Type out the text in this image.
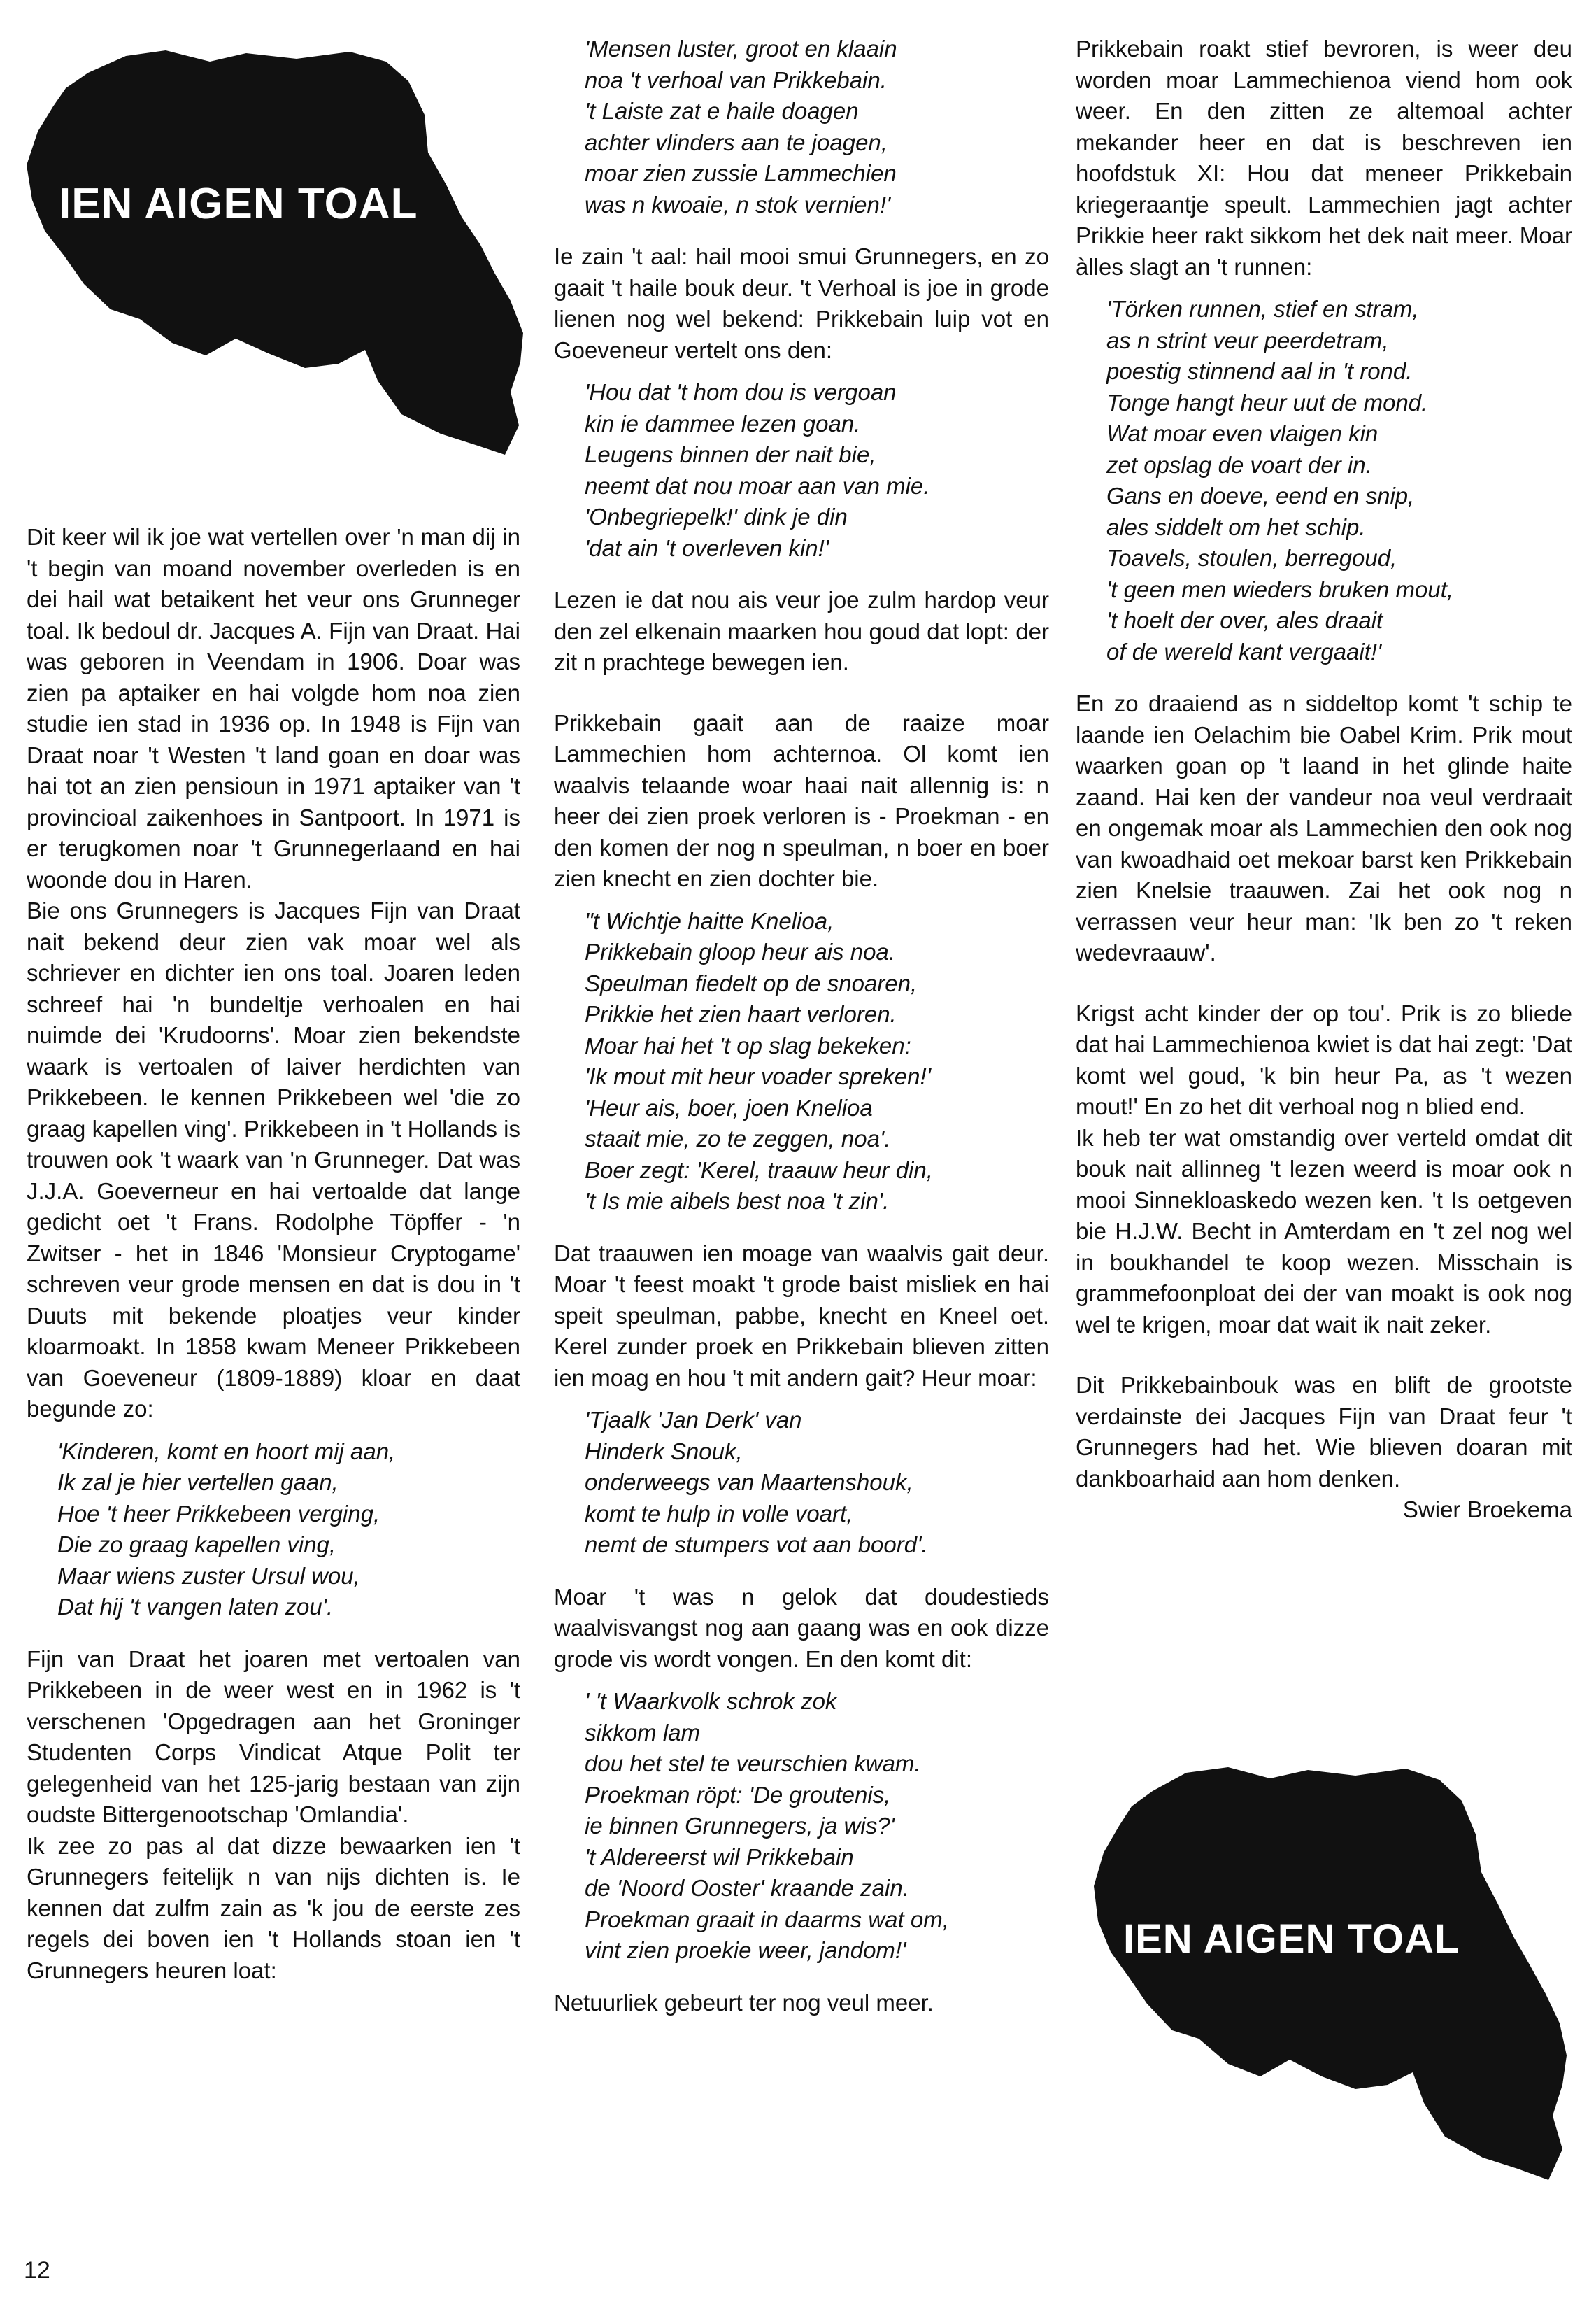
IEN AIGEN TOAL
IEN AIGEN TOAL

Dit keer wil ik joe wat vertellen over 'n man dij in 't begin van moand november overleden is en dei hail wat betaikent het veur ons Grunneger toal. Ik bedoul dr. Jacques A. Fijn van Draat. Hai was geboren in Veendam in 1906. Doar was zien pa aptaiker en hai volgde hom noa zien studie ien stad in 1936 op. In 1948 is Fijn van Draat noar 't Westen 't land goan en doar was hai tot an zien pensioun in 1971 aptaiker van 't provincioal zaikenhoes in Santpoort. In 1971 is er terugkomen noar 't Grunnegerlaand en hai woonde dou in Haren.

Bie ons Grunnegers is Jacques Fijn van Draat nait bekend deur zien vak moar wel als schriever en dichter ien ons toal. Joaren leden schreef hai 'n bundeltje verhoalen en hai nuimde dei 'Krudoorns'. Moar zien bekendste waark is vertoalen of laiver herdichten van Prikkebeen. Ie kennen Prikkebeen wel 'die zo graag kapellen ving'. Prikkebeen in 't Hollands is trouwen ook 't waark van 'n Grunneger. Dat was J.J.A. Goeverneur en hai vertoalde dat lange gedicht oet 't Frans. Rodolphe Töpffer - 'n Zwitser - het in 1846 'Monsieur Cryptogame' schreven veur grode mensen en dat is dou in 't Duuts mit bekende ploatjes veur kinder kloarmoakt. In 1858 kwam Meneer Prikkebeen van Goeveneur (1809-1889) kloar en daat begunde zo:

'Kinderen, komt en hoort mij aan,
Ik zal je hier vertellen gaan,
Hoe 't heer Prikkebeen verging,
Die zo graag kapellen ving,
Maar wiens zuster Ursul wou,
Dat hij 't vangen laten zou'.

Fijn van Draat het joaren met vertoalen van Prikkebeen in de weer west en in 1962 is 't verschenen 'Opgedragen aan het Groninger Studenten Corps Vindicat Atque Polit ter gelegenheid van het 125-jarig bestaan van zijn oudste Bittergenootschap 'Omlandia'.

Ik zee zo pas al dat dizze bewaarken ien 't Grunnegers feitelijk n van nijs dichten is. Ie kennen dat zulfm zain as 'k jou de eerste zes regels dei boven ien 't Hollands stoan ien 't Grunnegers heuren loat:

'Mensen luster, groot en klaain
noa 't verhoal van Prikkebain.
't Laiste zat e haile doagen
achter vlinders aan te joagen,
moar zien zussie Lammechien
was n kwoaie, n stok vernien!'

Ie zain 't aal: hail mooi smui Grunnegers, en zo gaait 't haile bouk deur. 't Verhoal is joe in grode lienen nog wel bekend: Prikkebain luip vot en Goeveneur vertelt ons den:

'Hou dat 't hom dou is vergoan
kin ie dammee lezen goan.
Leugens binnen der nait bie,
neemt dat nou moar aan van mie.
'Onbegriepelk!' dink je din
'dat ain 't overleven kin!'

Lezen ie dat nou ais veur joe zulm hardop veur den zel elkenain maarken hou goud dat lopt: der zit n prachtege bewegen ien.

Prikkebain gaait aan de raaize moar Lammechien hom achternoa. Ol komt ien waalvis telaande woar haai nait allennig is: n heer dei zien proek verloren is - Proekman - en den komen der nog n speulman, n boer en boer zien knecht en zien dochter bie.

"t Wichtje haitte Knelioa,
Prikkebain gloop heur ais noa.
Speulman fiedelt op de snoaren,
Prikkie het zien haart verloren.
Moar hai het 't op slag bekeken:
'Ik mout mit heur voader spreken!'
'Heur ais, boer, joen Knelioa
staait mie, zo te zeggen, noa'.
Boer zegt: 'Kerel, traauw heur din,
't Is mie aibels best noa 't zin'.

Dat traauwen ien moage van waalvis gait deur. Moar 't feest moakt 't grode baist misliek en hai speit speulman, pabbe, knecht en Kneel oet. Kerel zunder proek en Prikkebain blieven zitten ien moag en hou 't mit andern gait? Heur moar:

'Tjaalk 'Jan Derk' van
Hinderk Snouk,
onderweegs van Maartenshouk,
komt te hulp in volle voart,
nemt de stumpers vot aan boord'.

Moar 't was n gelok dat doudestieds waalvisvangst nog aan gaang was en ook dizze grode vis wordt vongen. En den komt dit:

' 't Waarkvolk schrok zok
sikkom lam
dou het stel te veurschien kwam.
Proekman röpt: 'De groutenis,
ie binnen Grunnegers, ja wis?'
't Aldereerst wil Prikkebain
de 'Noord Ooster' kraande zain.
Proekman graait in daarms wat om,
vint zien proekie weer, jandom!'

Netuurliek gebeurt ter nog veul meer.

Prikkebain roakt stief bevroren, is weer deu worden moar Lammechienoa viend hom ook weer. En den zitten ze altemoal achter mekander heer en dat is beschreven ien hoofdstuk XI: Hou dat meneer Prikkebain kriegeraantje speult. Lammechien jagt achter Prikkie heer rakt sikkom het dek nait meer. Moar àlles slagt an 't runnen:

'Törken runnen, stief en stram,
as n strint veur peerdetram,
poestig stinnend aal in 't rond.
Tonge hangt heur uut de mond.
Wat moar even vlaigen kin
zet opslag de voart der in.
Gans en doeve, eend en snip,
ales siddelt om het schip.
Toavels, stoulen, berregoud,
't geen men wieders bruken mout,
't hoelt der over, ales draait
of de wereld kant vergaait!'

En zo draaiend as n siddeltop komt 't schip te laande ien Oelachim bie Oabel Krim. Prik mout waarken goan op 't laand in het glinde haite zaand. Hai ken der vandeur noa veul verdraait en ongemak moar als Lammechien den ook nog van kwoadhaid oet mekoar barst ken Prikkebain zien Knelsie traauwen. Zai het ook nog n verrassen veur heur man: 'Ik ben zo 't reken wedevraauw'.

Krigst acht kinder der op tou'. Prik is zo bliede dat hai Lammechienoa kwiet is dat hai zegt: 'Dat komt wel goud, 'k bin heur Pa, as 't wezen mout!' En zo het dit verhoal nog n blied end.

Ik heb ter wat omstandig over verteld omdat dit bouk nait allinneg 't lezen weerd is moar ook n mooi Sinnekloaskedo wezen ken. 't Is oetgeven bie H.J.W. Becht in Amterdam en 't zel nog wel in boukhandel te koop wezen. Misschain is grammefoonploat dei der van moakt is ook nog wel te krigen, moar dat wait ik nait zeker.

Dit Prikkebainbouk was en blift de grootste verdainste dei Jacques Fijn van Draat feur 't Grunnegers had het. Wie blieven doaran mit dankboarhaid aan hom denken.

Swier Broekema

12
